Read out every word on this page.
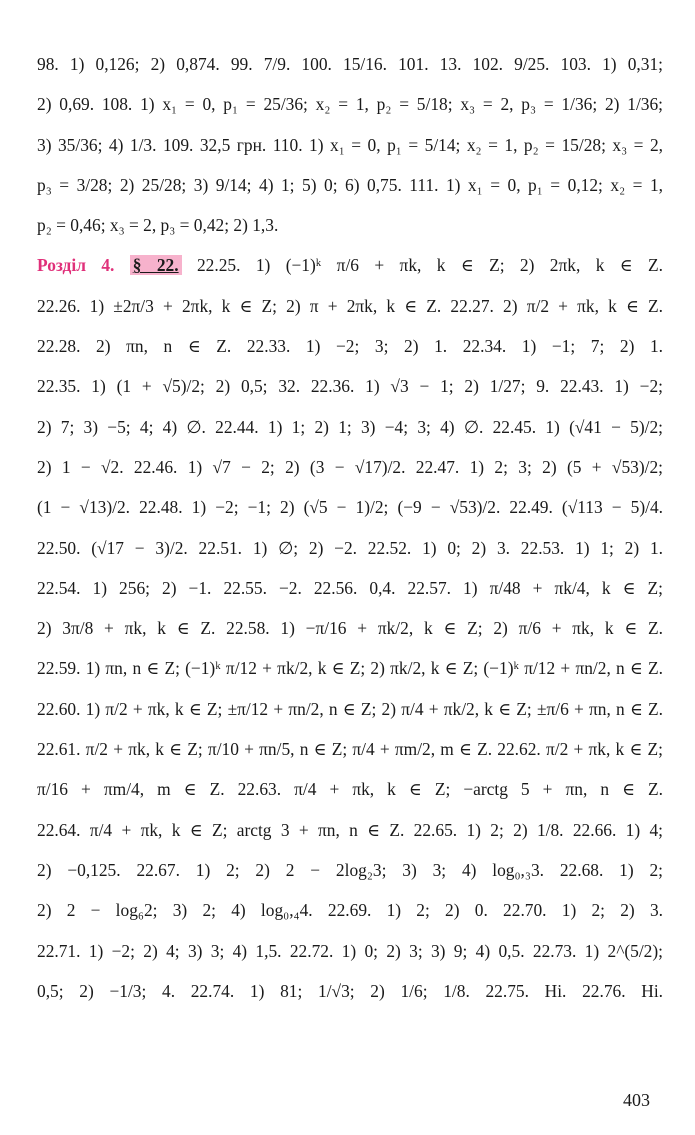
98. 1) 0,126; 2) 0,874. 99. 7/9. 100. 15/16. 101. 13. 102. 9/25. 103. 1) 0,31;
2) 0,69. 108. 1) x₁ = 0, p₁ = 25/36; x₂ = 1, p₂ = 5/18; x₃ = 2, p₃ = 1/36; 2) 1/36;
3) 35/36; 4) 1/3. 109. 32,5 грн. 110. 1) x₁ = 0, p₁ = 5/14; x₂ = 1, p₂ = 15/28; x₃ = 2,
p₃ = 3/28; 2) 25/28; 3) 9/14; 4) 1; 5) 0; 6) 0,75. 111. 1) x₁ = 0, p₁ = 0,12; x₂ = 1,
p₂ = 0,46; x₃ = 2, p₃ = 0,42; 2) 1,3.
Розділ 4. § 22. 22.25. 1) (−1)ᵏ π/6 + πk, k ∈ Z; 2) 2πk, k ∈ Z.
22.26. 1) ±2π/3 + 2πk, k ∈ Z; 2) π + 2πk, k ∈ Z. 22.27. 2) π/2 + πk, k ∈ Z.
22.28. 2) πn, n ∈ Z. 22.33. 1) −2; 3; 2) 1. 22.34. 1) −1; 7; 2) 1.
22.35. 1) (1 + √5)/2; 2) 0,5; 32. 22.36. 1) √3 − 1; 2) 1/27; 9. 22.43. 1) −2;
2) 7; 3) −5; 4; 4) ∅. 22.44. 1) 1; 2) 1; 3) −4; 3; 4) ∅. 22.45. 1) (√41 − 5)/2;
2) 1 − √2. 22.46. 1) √7 − 2; 2) (3 − √17)/2. 22.47. 1) 2; 3; 2) (5 + √53)/2;
(1 − √13)/2. 22.48. 1) −2; −1; 2) (√5 − 1)/2; (−9 − √53)/2. 22.49. (√113 − 5)/4.
22.50. (√17 − 3)/2. 22.51. 1) ∅; 2) −2. 22.52. 1) 0; 2) 3. 22.53. 1) 1; 2) 1.
22.54. 1) 256; 2) −1. 22.55. −2. 22.56. 0,4. 22.57. 1) π/48 + πk/4, k ∈ Z;
2) 3π/8 + πk, k ∈ Z. 22.58. 1) −π/16 + πk/2, k ∈ Z; 2) π/6 + πk, k ∈ Z.
22.59. 1) πn, n ∈ Z; (−1)ᵏ π/12 + πk/2, k ∈ Z; 2) πk/2, k ∈ Z; (−1)ᵏ π/12 + πn/2, n ∈ Z.
22.60. 1) π/2 + πk, k ∈ Z; ±π/12 + πn/2, n ∈ Z; 2) π/4 + πk/2, k ∈ Z; ±π/6 + πn, n ∈ Z.
22.61. π/2 + πk, k ∈ Z; π/10 + πn/5, n ∈ Z; π/4 + πm/2, m ∈ Z. 22.62. π/2 + πk, k ∈ Z;
π/16 + πm/4, m ∈ Z. 22.63. π/4 + πk, k ∈ Z; −arctg 5 + πn, n ∈ Z.
22.64. π/4 + πk, k ∈ Z; arctg 3 + πn, n ∈ Z. 22.65. 1) 2; 2) 1/8. 22.66. 1) 4;
2) −0,125. 22.67. 1) 2; 2) 2 − 2log₂3; 3) 3; 4) log₀,₃3. 22.68. 1) 2;
2) 2 − log₆2; 3) 2; 4) log₀,₄4. 22.69. 1) 2; 2) 0. 22.70. 1) 2; 2) 3.
22.71. 1) −2; 2) 4; 3) 3; 4) 1,5. 22.72. 1) 0; 2) 3; 3) 9; 4) 0,5. 22.73. 1) 2^(5/2);
0,5; 2) −1/3; 4. 22.74. 1) 81; 1/√3; 2) 1/6; 1/8. 22.75. Ні. 22.76. Ні.
403
